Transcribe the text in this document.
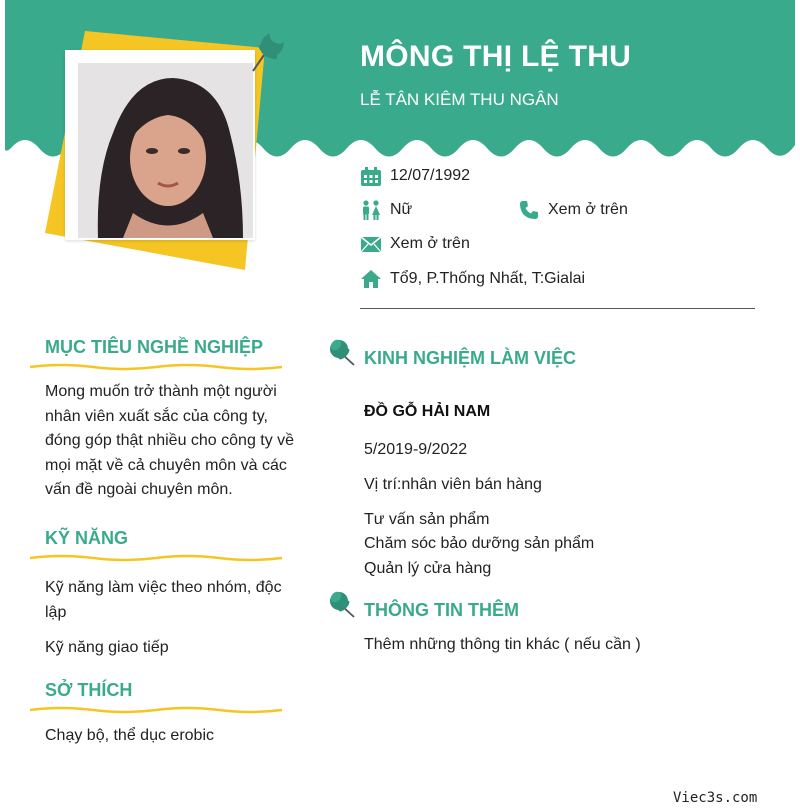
MÔNG THỊ LỆ THU
LỄ TÂN KIÊM THU NGÂN
12/07/1992
Nữ	Xem ở trên
Xem ở trên
Tổ9, P.Thống Nhất, T:Gialai
MỤC TIÊU NGHỀ NGHIỆP
Mong muốn trở thành một người nhân viên xuất sắc của công ty, đóng góp thật nhiều cho công ty về mọi mặt về cả chuyên môn và các vấn đề ngoài chuyên môn.
KỸ NĂNG
Kỹ năng làm việc theo nhóm, độc lập
Kỹ năng giao tiếp
SỞ THÍCH
Chạy bộ, thể dục erobic
KINH NGHIỆM LÀM VIỆC
ĐỒ GỖ HẢI NAM
5/2019-9/2022
Vị trí:nhân viên bán hàng
Tư vấn sản phẩm
Chăm sóc bảo dưỡng sản phẩm
Quản lý cửa hàng
THÔNG TIN THÊM
Thêm những thông tin khác ( nếu cần )
Viec3s.com
